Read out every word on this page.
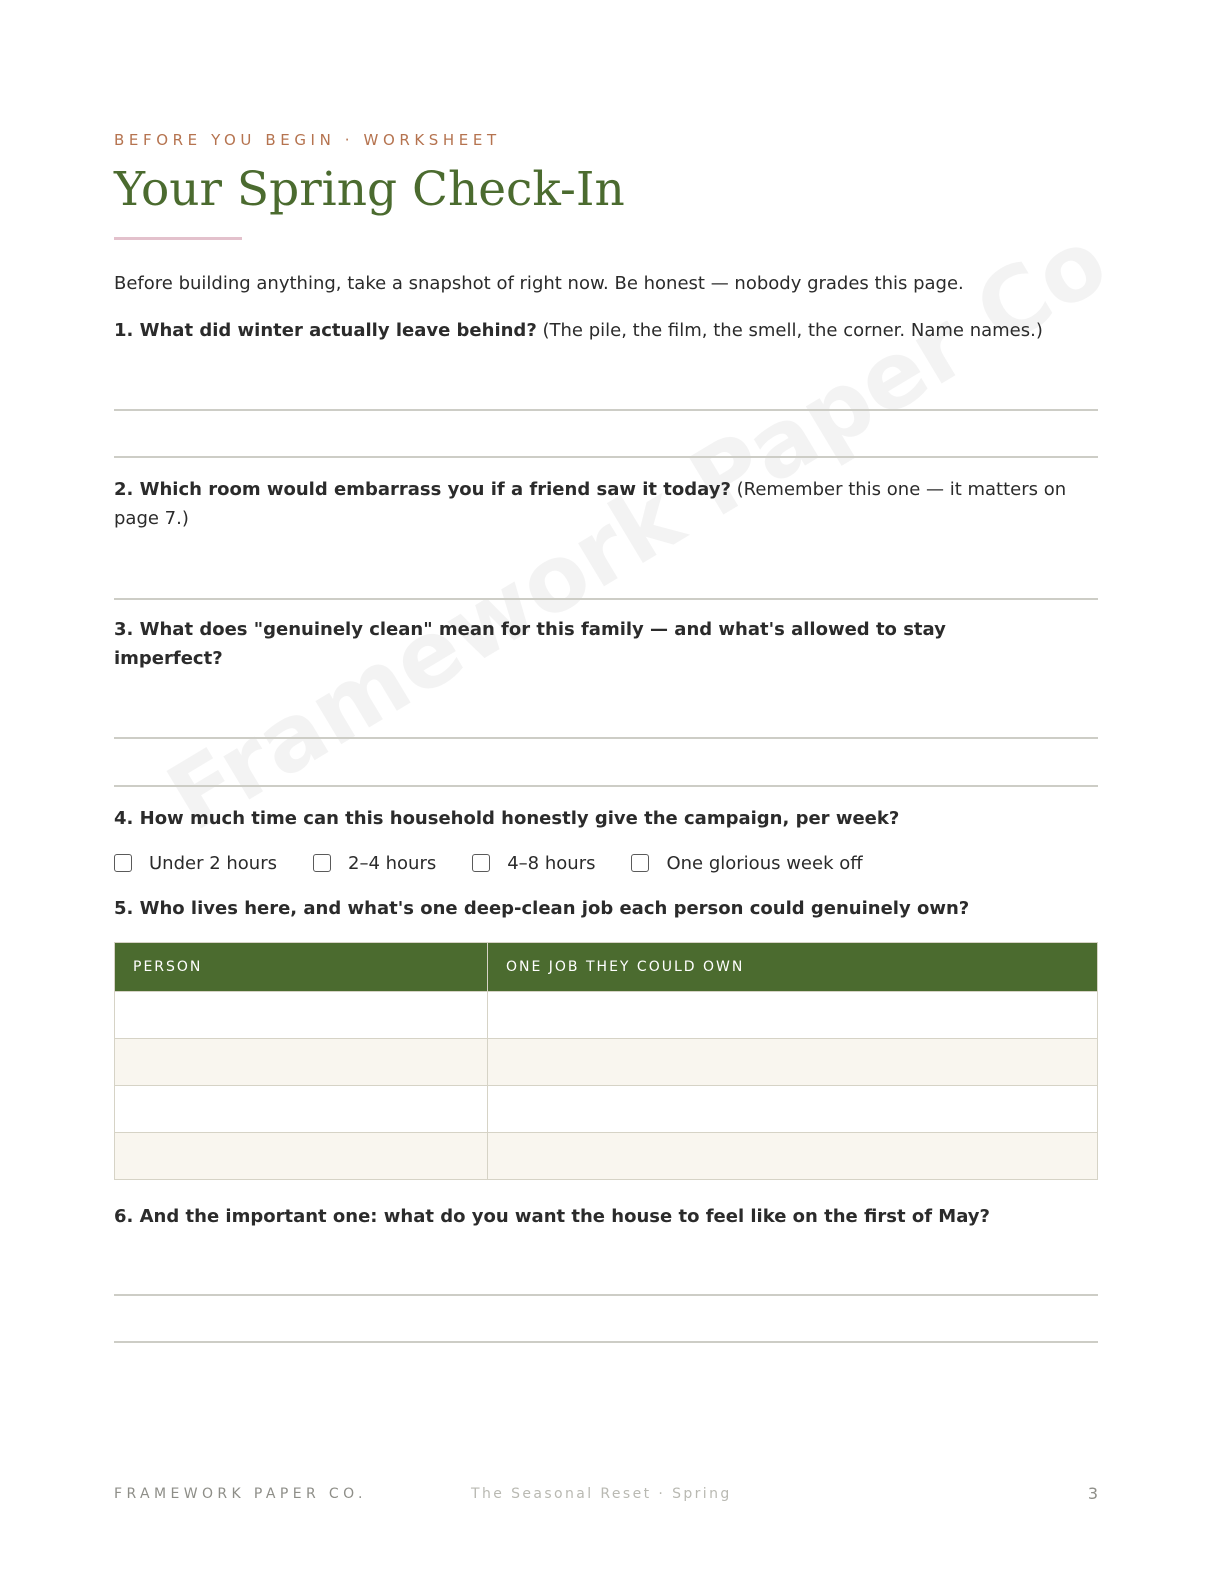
BEFORE YOU BEGIN · WORKSHEET
Your Spring Check-In
Before building anything, take a snapshot of right now. Be honest — nobody grades this page.
1. What did winter actually leave behind? (The pile, the film, the smell, the corner. Name names.)
2. Which room would embarrass you if a friend saw it today? (Remember this one — it matters on page 7.)
3. What does "genuinely clean" mean for this family — and what's allowed to stay imperfect?
4. How much time can this household honestly give the campaign, per week?
Under 2 hours	2–4 hours	4–8 hours	One glorious week off
5. Who lives here, and what's one deep-clean job each person could genuinely own?
PERSON	ONE JOB THEY COULD OWN
6. And the important one: what do you want the house to feel like on the first of May?
FRAMEWORK PAPER CO.	The Seasonal Reset · Spring	3
